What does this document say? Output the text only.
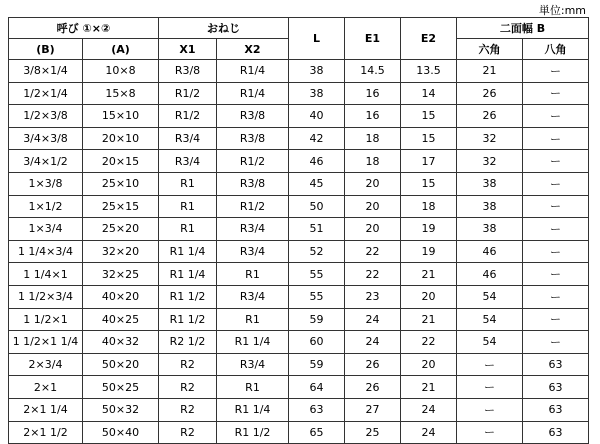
単位:mm
呼び ①×②		おねじ		L	E1	E2	二面幅 B	
(B)	(A)	X1	X2				六角	八角
3/8×1/4	10×8	R3/8	R1/4	38	14.5	13.5	21	ー
1/2×1/4	15×8	R1/2	R1/4	38	16	14	26	ー
1/2×3/8	15×10	R1/2	R3/8	40	16	15	26	ー
3/4×3/8	20×10	R3/4	R3/8	42	18	15	32	ー
3/4×1/2	20×15	R3/4	R1/2	46	18	17	32	ー
1×3/8	25×10	R1	R3/8	45	20	15	38	ー
1×1/2	25×15	R1	R1/2	50	20	18	38	ー
1×3/4	25×20	R1	R3/4	51	20	19	38	ー
1 1/4×3/4	32×20	R1 1/4	R3/4	52	22	19	46	ー
1 1/4×1	32×25	R1 1/4	R1	55	22	21	46	ー
1 1/2×3/4	40×20	R1 1/2	R3/4	55	23	20	54	ー
1 1/2×1	40×25	R1 1/2	R1	59	24	21	54	ー
1 1/2×1 1/4	40×32	R2 1/2	R1 1/4	60	24	22	54	ー
2×3/4	50×20	R2	R3/4	59	26	20	ー	63
2×1	50×25	R2	R1	64	26	21	ー	63
2×1 1/4	50×32	R2	R1 1/4	63	27	24	ー	63
2×1 1/2	50×40	R2	R1 1/2	65	25	24	ー	63
